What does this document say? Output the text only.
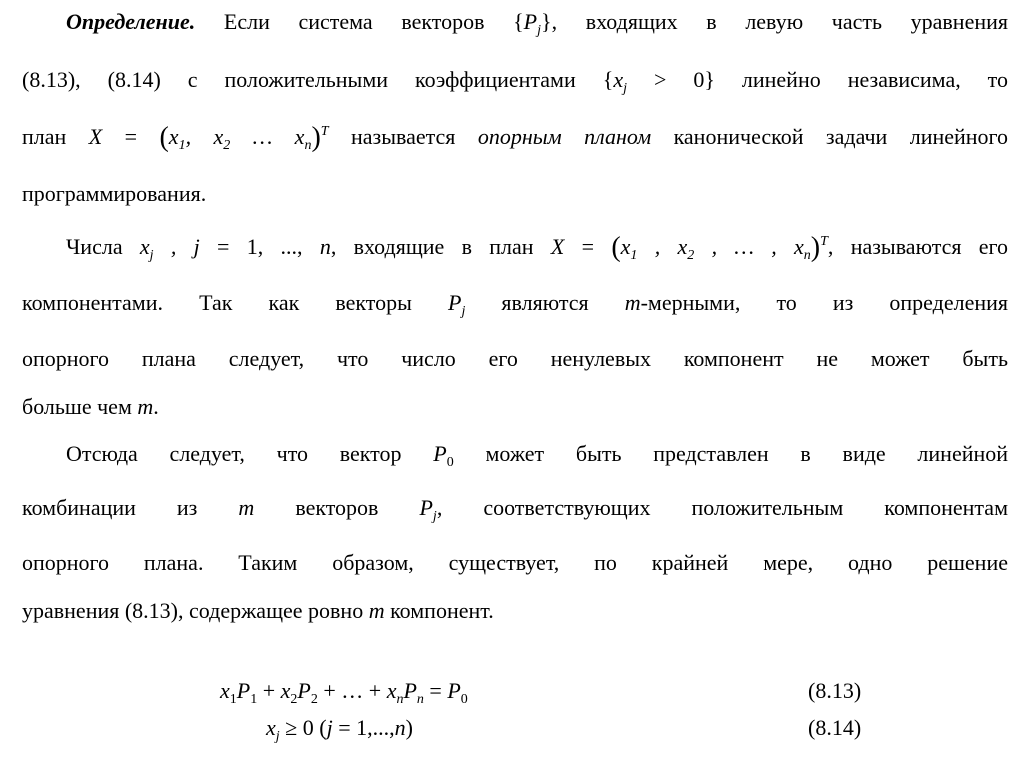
Определение. Если система векторов $\{P_j\}$, входящих в левую часть уравнения
(8.13), (8.14) с положительными коэффициентами $\{x_j > 0\}$ линейно независима, то
план $X = (x_1$, $x_2$ … $x_n)^T$ называется опорным планом канонической задачи линейного
программирования.
Числа $x_j$ , j = 1, ..., n, входящие в план $X = (x_1$ , $x_2$ , … , $x_n)^T$, называются его
компонентами. Так как векторы $P_j$ являются m-мерными, то из определения
опорного плана следует, что число его ненулевых компонент не может быть
больше чем m.
Отсюда следует, что вектор $P_0$ может быть представлен в виде линейной
комбинации из m векторов $P_j$, соответствующих положительным компонентам
опорного плана. Таким образом, существует, по крайней мере, одно решение
уравнения (8.13), содержащее ровно m компонент.
$x_1P_1 + x_2P_2$ + … + $x_nP_n = P_0$	(8.13)
$x_j \ge 0$ (j = 1,...,n)	(8.14)
